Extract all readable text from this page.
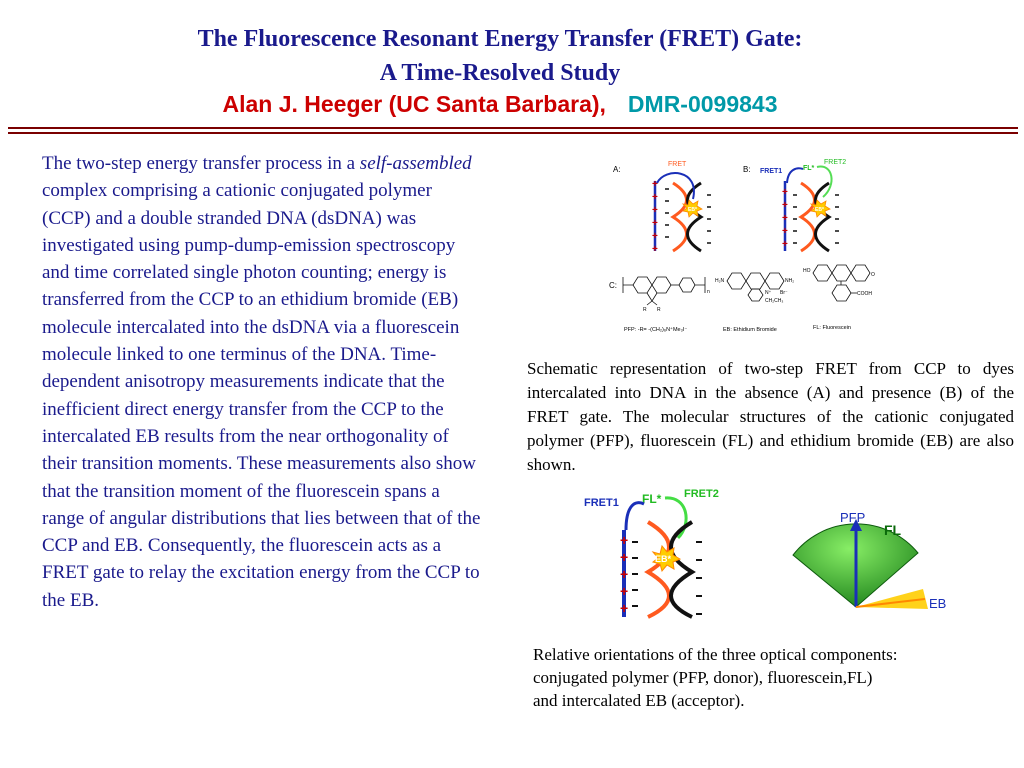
The Fluorescence Resonant Energy Transfer (FRET) Gate:
A Time-Resolved Study
Alan J. Heeger (UC Santa Barbara), DMR-0099843
The two-step energy transfer process in a self-assembled complex comprising a cationic conjugated polymer (CCP) and a double stranded DNA (dsDNA) was investigated using pump-dump-emission spectroscopy and time correlated single photon counting; energy is transferred from the CCP to an ethidium bromide (EB) molecule intercalated into the dsDNA via a fluorescein molecule linked to one terminus of the DNA. Time-dependent anisotropy measurements indicate that the inefficient direct energy transfer from the CCP to the intercalated EB results from the near orthogonality of their transition moments. These measurements also show that the transition moment of the fluorescein spans a range of angular distributions that lies between that of the CCP and EB. Consequently, the fluorescein acts as a FRET gate to relay the excitation energy from the CCP to the EB.
A:
+
+
+
+
+
+
FRET
EB*
B:
+
+
+
+
+
FRET1	FL*
FRET2
EB*
C:
R R
n
H₂N	NH₂
N⁺ Br⁻
CH₂CH₃
HO
O
COOH
PFP: -R= -(CH₂)₆N⁺Me₃I⁻	EB: Ethidium Bromide	FL: Fluorescein
Schematic representation of two-step FRET from CCP to dyes intercalated into DNA in the absence (A) and presence (B) of the FRET gate. The molecular structures of the cationic conjugated polymer (PFP), fluorescein (FL) and ethidium bromide (EB) are also shown.
FRET1 FL* FRET2
+
+
+
+
+
EB*
PFP
FL
EB
Relative orientations of the three optical components:
conjugated polymer (PFP, donor), fluorescein,FL)
and intercalated EB (acceptor).
